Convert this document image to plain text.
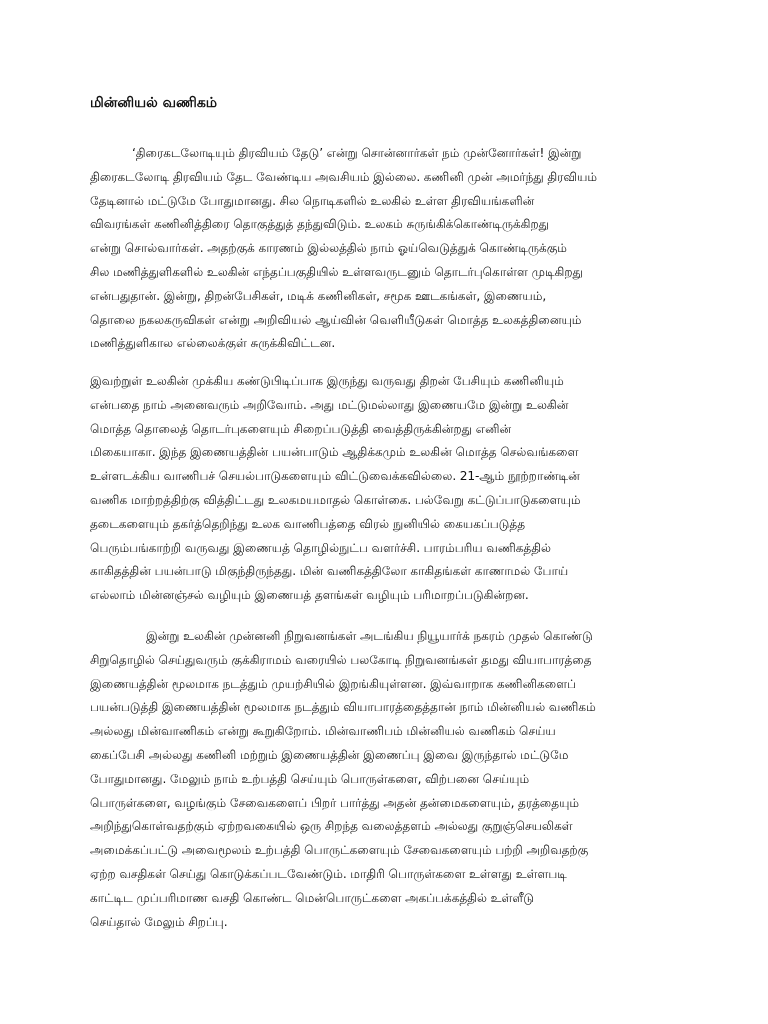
மின்னியல் வணிகம்
‘திரைகடலோடியும் திரவியம் தேடு’ என்று சொன்னார்கள் நம் முன்னோர்கள்! இன்று
திரைகடலோடி திரவியம் தேட வேண்டிய அவசியம் இல்லை. கணினி முன் அமர்ந்து திரவியம்
தேடினால் மட்டுமே போதுமானது. சில நொடிகளில் உலகில் உள்ள திரவியங்களின்
விவரங்கள் கணினித்திரை தொகுத்துத் தந்துவிடும். உலகம் சுருங்கிக்கொண்டிருக்கிறது
என்று சொல்வார்கள். அதற்குக் காரணம் இல்லத்தில் நாம் ஓய்வெடுத்துக் கொண்டிருக்கும்
சில மணித்துளிகளில் உலகின் எந்தப்பகுதியில் உள்ளவருடனும் தொடர்புகொள்ள முடிகிறது
என்பதுதான். இன்று, திறன்பேசிகள், மடிக் கணினிகள், சமூக ஊடகங்கள், இணையம்,
தொலை நகலகருவிகள் என்று அறிவியல் ஆய்வின் வெளியீடுகள் மொத்த உலகத்தினையும்
மணித்துளிகால எல்லைக்குள் சுருக்கிவிட்டன.
இவற்றுள் உலகின் முக்கிய கண்டுபிடிப்பாக இருந்து வருவது திறன் பேசியும் கணினியும்
என்பதை நாம் அனைவரும் அறிவோம். அது மட்டுமல்லாது இணையமே இன்று உலகின்
மொத்த தொலைத் தொடர்புகளையும் சிறைப்படுத்தி வைத்திருக்கின்றது எனின்
மிகையாகா. இந்த இணையத்தின் பயன்பாடும் ஆதிக்கமும் உலகின் மொத்த செல்வங்களை
உள்ளடக்கிய வாணிபச் செயல்பாடுகளையும் விட்டுவைக்கவில்லை. 21-ஆம் நூற்றாண்டின்
வணிக மாற்றத்திற்கு வித்திட்டது உலகமயமாதல் கொள்கை. பல்வேறு கட்டுப்பாடுகளையும்
தடைகளையும் தகர்த்தெறிந்து உலக வாணிபத்தை விரல் நுனியில் கையகப்படுத்த
பெரும்பங்காற்றி வருவது இணையத் தொழில்நுட்ப வளர்ச்சி. பாரம்பரிய வணிகத்தில்
காகிதத்தின் பயன்பாடு மிகுந்திருந்தது. மின் வணிகத்திலோ காகிதங்கள் காணாமல் போய்
எல்லாம் மின்னஞ்சல் வழியும் இணையத் தளங்கள் வழியும் பரிமாறப்படுகின்றன.
இன்று உலகின் முன்னனி நிறுவனங்கள் அடங்கிய நியூயார்க் நகரம் முதல் கொண்டு
சிறுதொழில் செய்துவரும் குக்கிராமம் வரையில் பலகோடி நிறுவனங்கள் தமது வியாபாரத்தை
இணையத்தின் மூலமாக நடத்தும் முயற்சியில் இறங்கியுள்ளன. இவ்வாறாக கணினிகளைப்
பயன்படுத்தி இணையத்தின் மூலமாக நடத்தும் வியாபாரத்தைத்தான் நாம் மின்னியல் வணிகம்
அல்லது மின்வாணிகம் என்று கூறுகிறோம். மின்வாணிபம் மின்னியல் வணிகம் செய்ய
கைப்பேசி அல்லது கணினி மற்றும் இணையத்தின் இணைப்பு இவை இருந்தால் மட்டுமே
போதுமானது. மேலும் நாம் உற்பத்தி செய்யும் பொருள்களை, விற்பனை செய்யும்
பொருள்களை, வழங்கும் சேவைகளைப் பிறர் பார்த்து அதன் தன்மைகளையும், தரத்தையும்
அறிந்துகொள்வதற்கும் ஏற்றவகையில் ஒரு சிறந்த வலைத்தளம் அல்லது குறுஞ்செயலிகள்
அமைக்கப்பட்டு அவைமூலம் உற்பத்தி பொருட்களையும் சேவைகளையும் பற்றி அறிவதற்கு
ஏற்ற வசதிகள் செய்து கொடுக்கப்படவேண்டும். மாதிரி பொருள்களை உள்ளது உள்ளபடி
காட்டிட முப்பரிமாண வசதி கொண்ட மென்பொருட்களை அகப்பக்கத்தில் உள்ளீடு
செய்தால் மேலும் சிறப்பு.
